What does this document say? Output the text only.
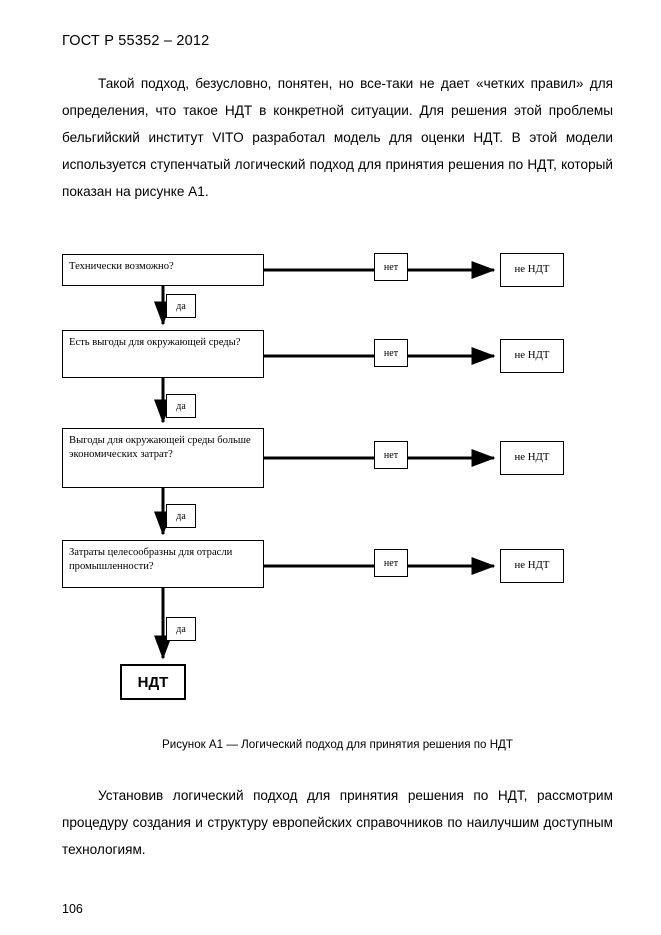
ГОСТ Р 55352 – 2012

Такой подход, безусловно, понятен, но все-таки не дает «четких правил» для определения, что такое НДТ в конкретной ситуации. Для решения этой проблемы бельгийский институт VITO разработал модель для оценки НДТ. В этой модели используется ступенчатый логический подход для принятия решения по НДТ, который показан на рисунке А1.

Технически возможно?
Есть выгоды для окружающей среды?
Выгоды для окружающей среды больше экономических затрат?
Затраты целесообразны для отрасли промышленности?
да
да
да
да
нет
нет
нет
нет
не НДТ
не НДТ
не НДТ
не НДТ
НДТ
Рисунок А1 — Логический подход для принятия решения по НДТ

Установив логический подход для принятия решения по НДТ, рассмотрим процедуру создания и структуру европейских справочников по наилучшим доступным технологиям.

106
